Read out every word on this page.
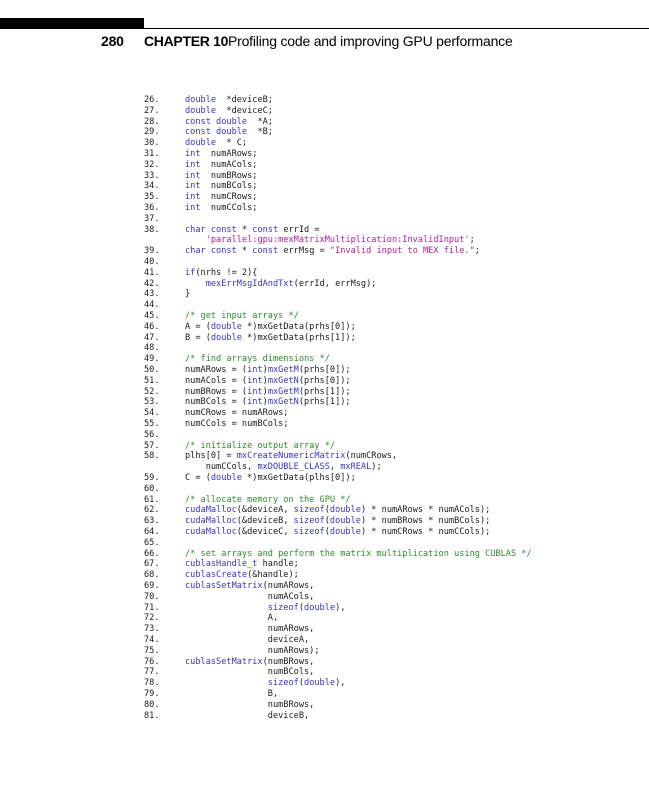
280 CHAPTER 10 Profiling code and improving GPU performance
26.	double  *deviceB;
27.	double  *deviceC;
28.	const double  *A;
29.	const double  *B;
30.	double  * C;
31.	int  numARows;
32.	int  numACols;
33.	int  numBRows;
34.	int  numBCols;
35.	int  numCRows;
36.	int  numCCols;
37.
38.	char const * const errId =
'parallel:gpu:mexMatrixMultiplication:InvalidInput';
39.	char const * const errMsg = "Invalid input to MEX file.";
40.
41.	if(nrhs != 2){
42.	mexErrMsgIdAndTxt(errId, errMsg);
43.	}
44.
45.	/* get input arrays */
46.	A = (double *)mxGetData(prhs[0]);
47.	B = (double *)mxGetData(prhs[1]);
48.
49.	/* find arrays dimensions */
50.	numARows = (int)mxGetM(prhs[0]);
51.	numACols = (int)mxGetN(prhs[0]);
52.	numBRows = (int)mxGetM(prhs[1]);
53.	numBCols = (int)mxGetN(prhs[1]);
54.	numCRows = numARows;
55.	numCCols = numBCols;
56.
57.	/* initialize output array */
58.	plhs[0] = mxCreateNumericMatrix(numCRows,
numCCols, mxDOUBLE_CLASS, mxREAL);
59.	C = (double *)mxGetData(plhs[0]);
60.
61.	/* allocate memory on the GPU */
62.	cudaMalloc(&deviceA, sizeof(double) * numARows * numACols);
63.	cudaMalloc(&deviceB, sizeof(double) * numBRows * numBCols);
64.	cudaMalloc(&deviceC, sizeof(double) * numCRows * numCCols);
65.
66.	/* set arrays and perform the matrix multiplication using CUBLAS */
67.	cublasHandle_t handle;
68.	cublasCreate(&handle);
69.	cublasSetMatrix(numARows,
70.	numACols,
71.	sizeof(double),
72.	A,
73.	numARows,
74.	deviceA,
75.	numARows);
76.	cublasSetMatrix(numBRows,
77.	numBCols,
78.	sizeof(double),
79.	B,
80.	numBRows,
81.	deviceB,
